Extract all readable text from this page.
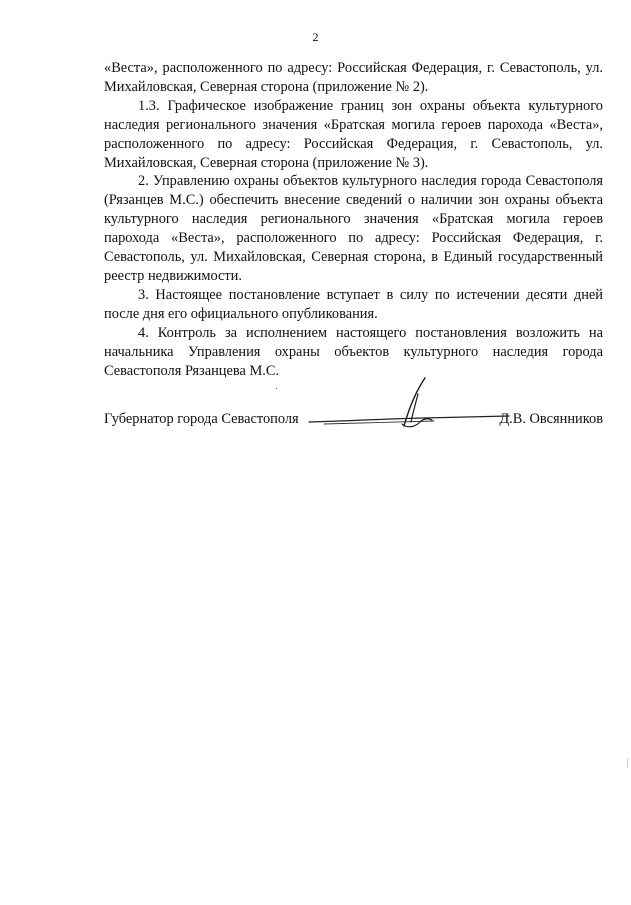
2

«Веста», расположенного по адресу: Российская Федерация, г. Севастополь, ул. Михайловская, Северная сторона (приложение № 2).

1.3. Графическое изображение границ зон охраны объекта культурного наследия регионального значения «Братская могила героев парохода «Веста», расположенного по адресу: Российская Федерация, г. Севастополь, ул. Михайловская, Северная сторона (приложение № 3).

2. Управлению охраны объектов культурного наследия города Севастополя (Рязанцев М.С.) обеспечить внесение сведений о наличии зон охраны объекта культурного наследия регионального значения «Братская могила героев парохода «Веста», расположенного по адресу: Российская Федерация, г. Севастополь, ул. Михайловская, Северная сторона, в Единый государственный реестр недвижимости.

3. Настоящее постановление вступает в силу по истечении десяти дней после дня его официального опубликования.

4. Контроль за исполнением настоящего постановления возложить на начальника Управления охраны объектов культурного наследия города Севастополя Рязанцева М.С.

Губернатор города Севастополя	Д.В. Овсянников
